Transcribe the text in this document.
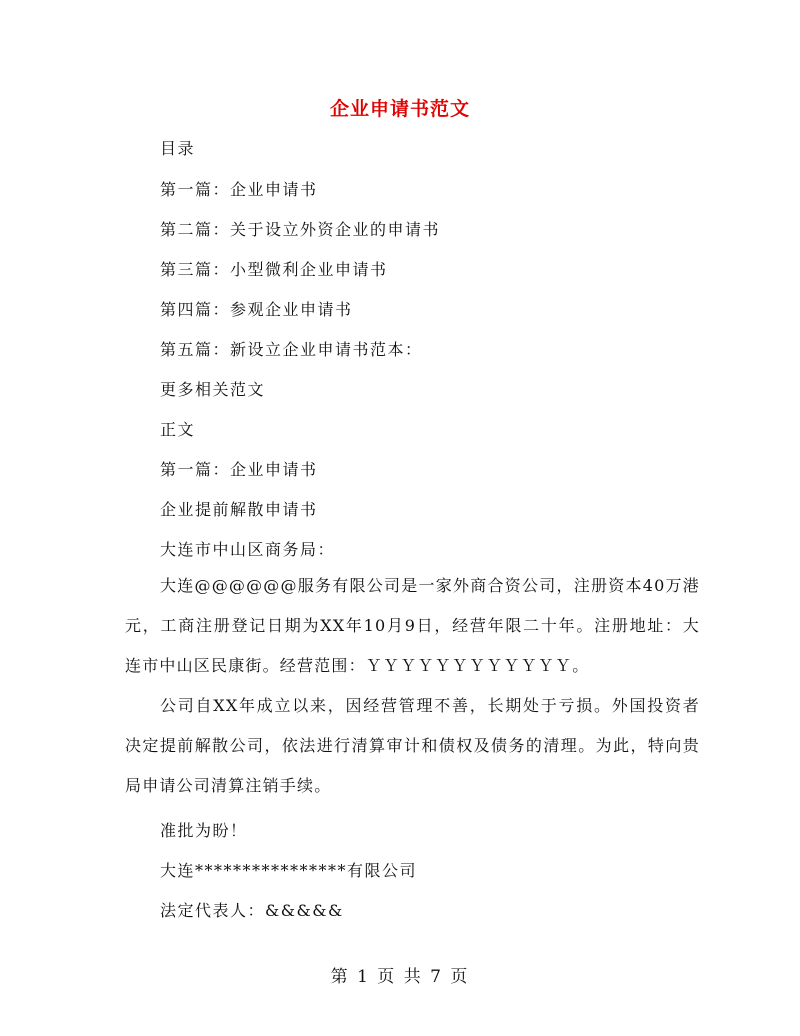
企业申请书范文
目录
第一篇：企业申请书
第二篇：关于设立外资企业的申请书
第三篇：小型微利企业申请书
第四篇：参观企业申请书
第五篇：新设立企业申请书范本：
更多相关范文
正文
第一篇：企业申请书
企业提前解散申请书
大连市中山区商务局：
大连@@@@@@服务有限公司是一家外商合资公司，注册资本40万港元，工商注册登记日期为XX年10月9日，经营年限二十年。注册地址：大连市中山区民康街。经营范围：ＹＹＹＹＹＹＹＹＹＹＹＹ。
公司自XX年成立以来，因经营管理不善，长期处于亏损。外国投资者决定提前解散公司，依法进行清算审计和债权及债务的清理。为此，特向贵局申请公司清算注销手续。
准批为盼！
大连****************有限公司
法定代表人：&&&&&
第 1 页 共 7 页
